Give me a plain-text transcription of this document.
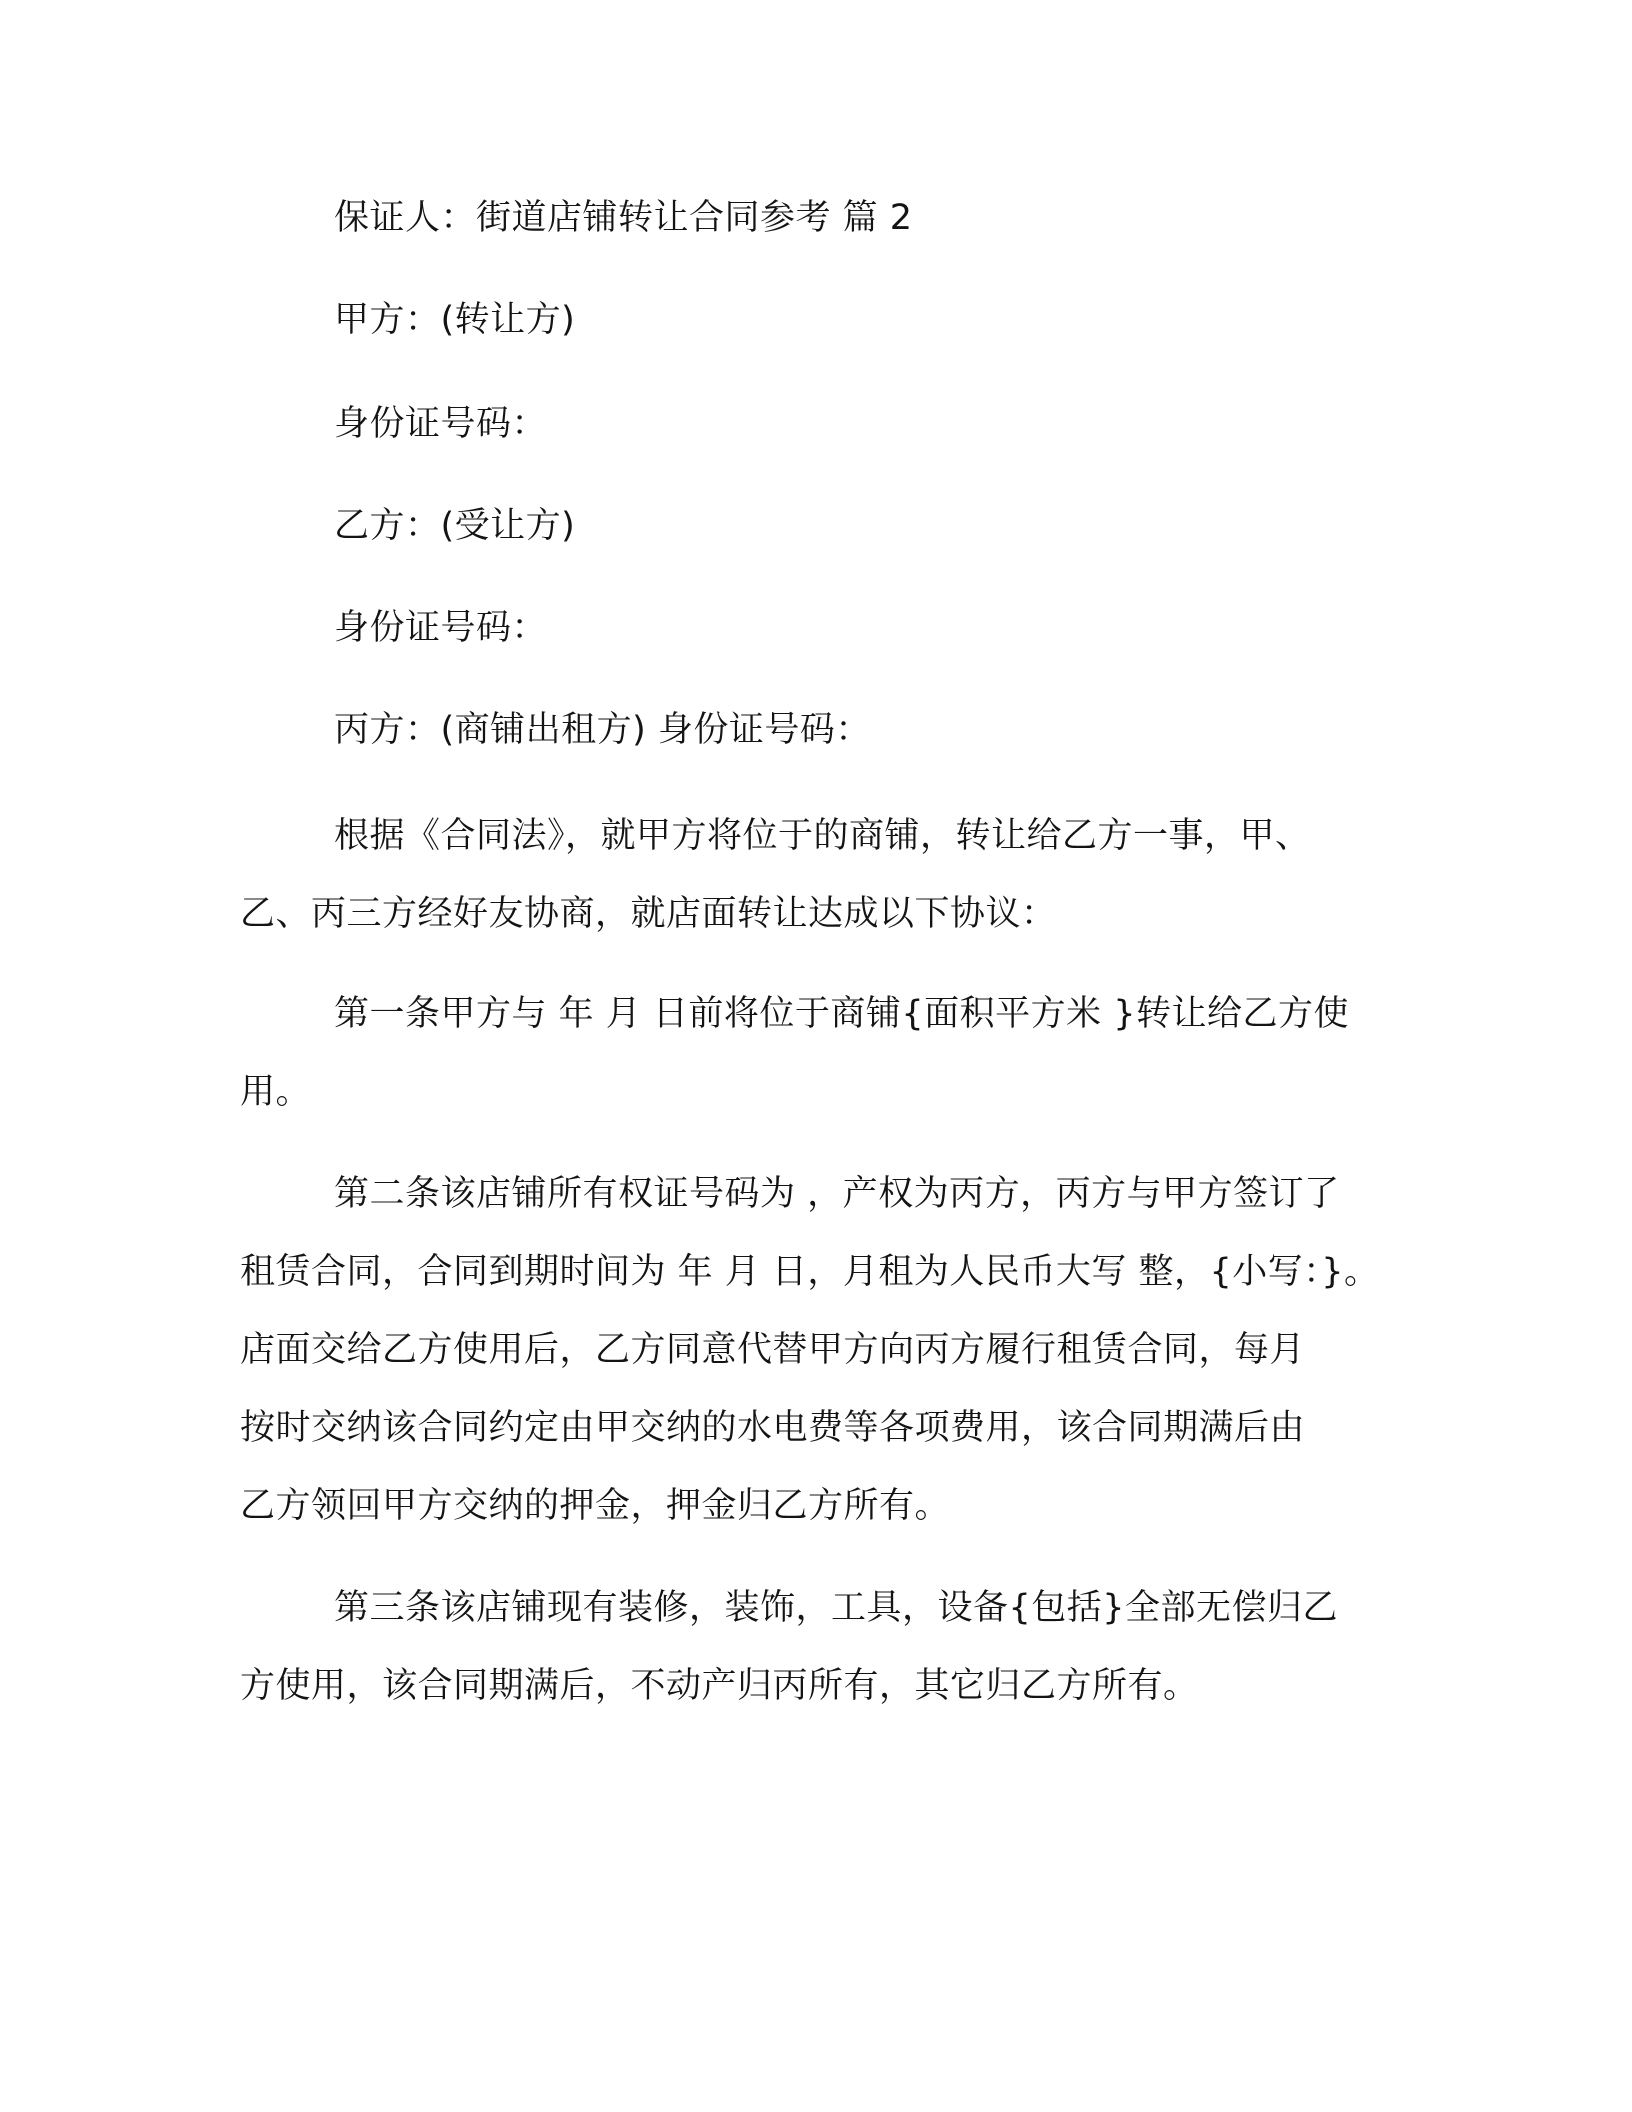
保证人：街道店铺转让合同参考 篇 2
甲方：(转让方)
身份证号码：
乙方：(受让方)
身份证号码：
丙方：(商铺出租方) 身份证号码：
根据《合同法》，就甲方将位于的商铺，转让给乙方一事，甲、
乙、丙三方经好友协商，就店面转让达成以下协议：
第一条甲方与 年 月 日前将位于商铺{面积平方米 }转让给乙方使
用。
第二条该店铺所有权证号码为 ，产权为丙方，丙方与甲方签订了
租赁合同，合同到期时间为 年 月 日，月租为人民币大写 整，{小写：}。
店面交给乙方使用后，乙方同意代替甲方向丙方履行租赁合同，每月
按时交纳该合同约定由甲交纳的水电费等各项费用，该合同期满后由
乙方领回甲方交纳的押金，押金归乙方所有。
第三条该店铺现有装修，装饰，工具，设备{包括}全部无偿归乙
方使用，该合同期满后，不动产归丙所有，其它归乙方所有。
